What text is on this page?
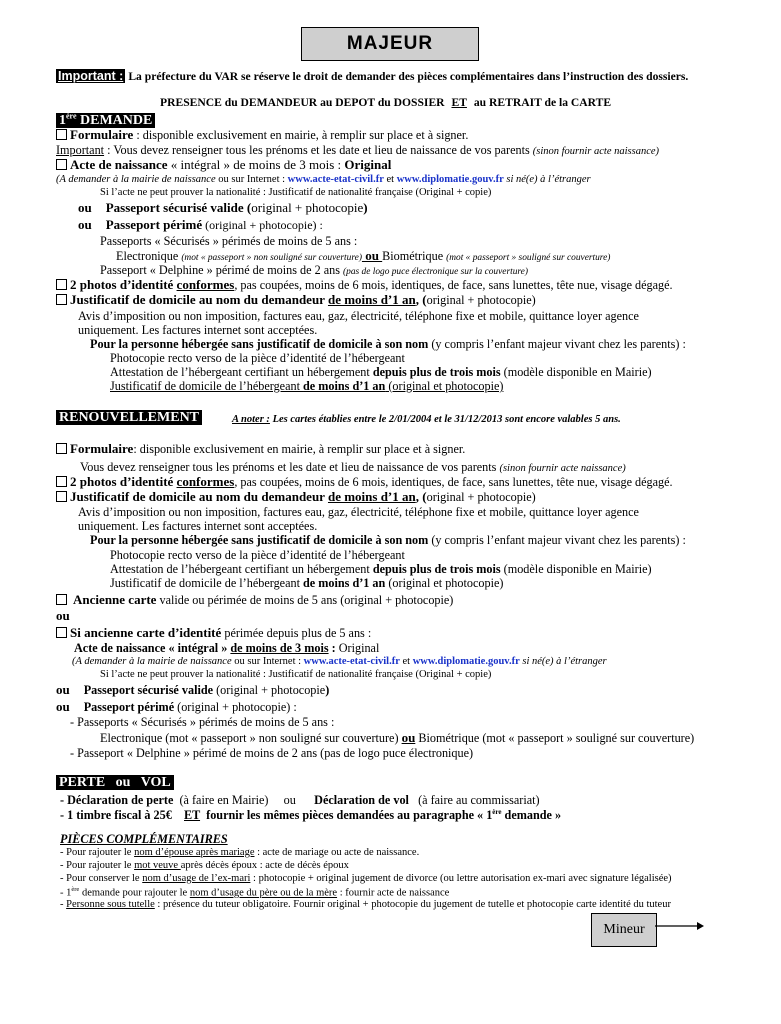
MAJEUR
Important : La préfecture du VAR se réserve le droit de demander des pièces complémentaires dans l’instruction des dossiers.
PRESENCE du DEMANDEUR au DEPOT du DOSSIER ET au RETRAIT de la CARTE
1ère DEMANDE
Formulaire : disponible exclusivement en mairie, à remplir sur place et à signer.
Important : Vous devez renseigner tous les prénoms et les date et lieu de naissance de vos parents (sinon fournir acte naissance)
Acte de naissance « intégral » de moins de 3 mois : Original
(A demander à la mairie de naissance ou sur Internet : www.acte-etat-civil.fr et www.diplomatie.gouv.fr si né(e) à l’étranger
Si l’acte ne peut prouver la nationalité : Justificatif de nationalité française (Original + copie)
ou Passeport sécurisé valide (original + photocopie)
ou Passeport périmé (original + photocopie) :
Passeports « Sécurisés » périmés de moins de 5 ans :
Electronique (mot « passeport » non souligné sur couverture) ou Biométrique (mot « passeport » souligné sur couverture)
Passeport « Delphine » périmé de moins de 2 ans (pas de logo puce électronique sur la couverture)
2 photos d’identité conformes, pas coupées, moins de 6 mois, identiques, de face, sans lunettes, tête nue, visage dégagé.
Justificatif de domicile au nom du demandeur de moins d’1 an, (original + photocopie)
Avis d’imposition ou non imposition, factures eau, gaz, électricité, téléphone fixe et mobile, quittance loyer agence
uniquement. Les factures internet sont acceptées.
Pour la personne hébergée sans justificatif de domicile à son nom (y compris l’enfant majeur vivant chez les parents) :
Photocopie recto verso de la pièce d’identité de l’hébergeant
Attestation de l’hébergeant certifiant un hébergement depuis plus de trois mois (modèle disponible en Mairie)
Justificatif de domicile de l’hébergeant de moins d’1 an (original et photocopie)
RENOUVELLEMENT	A noter : Les cartes établies entre le 2/01/2004 et le 31/12/2013 sont encore valables 5 ans.
Formulaire: disponible exclusivement en mairie, à remplir sur place et à signer.
Vous devez renseigner tous les prénoms et les date et lieu de naissance de vos parents (sinon fournir acte naissance)
2 photos d’identité conformes, pas coupées, moins de 6 mois, identiques, de face, sans lunettes, tête nue, visage dégagé.
Justificatif de domicile au nom du demandeur de moins d’1 an, (original + photocopie)
Avis d’imposition ou non imposition, factures eau, gaz, électricité, téléphone fixe et mobile, quittance loyer agence
uniquement. Les factures internet sont acceptées.
Pour la personne hébergée sans justificatif de domicile à son nom (y compris l’enfant majeur vivant chez les parents) :
Photocopie recto verso de la pièce d’identité de l’hébergeant
Attestation de l’hébergeant certifiant un hébergement depuis plus de trois mois (modèle disponible en Mairie)
Justificatif de domicile de l’hébergeant de moins d’1 an (original et photocopie)
Ancienne carte valide ou périmée de moins de 5 ans (original + photocopie)
ou
Si ancienne carte d’identité périmée depuis plus de 5 ans :
Acte de naissance « intégral » de moins de 3 mois : Original
(A demander à la mairie de naissance ou sur Internet : www.acte-etat-civil.fr et www.diplomatie.gouv.fr si né(e) à l’étranger
Si l’acte ne peut prouver la nationalité : Justificatif de nationalité française (Original + copie)
ou Passeport sécurisé valide (original + photocopie)
ou Passeport périmé (original + photocopie) :
- Passeports « Sécurisés » périmés de moins de 5 ans :
Electronique (mot « passeport » non souligné sur couverture) ou Biométrique (mot « passeport » souligné sur couverture)
- Passeport « Delphine » périmé de moins de 2 ans (pas de logo puce électronique)
PERTE   ou   VOL
- Déclaration de perte  (à faire en Mairie)     ou      Déclaration de vol   (à faire au commissariat)
- 1 timbre fiscal à 25€    ET  fournir les mêmes pièces demandées au paragraphe « 1ère demande »
PIÈCES COMPLÉMENTAIRES
- Pour rajouter le nom d’épouse après mariage : acte de mariage ou acte de naissance.
- Pour rajouter le mot veuve après décès époux : acte de décès époux
- Pour conserver le nom d’usage de l’ex-mari : photocopie + original jugement de divorce (ou lettre autorisation ex-mari avec signature légalisée)
- 1ère demande pour rajouter le nom d’usage du père ou de la mère : fournir acte de naissance
- Personne sous tutelle : présence du tuteur obligatoire. Fournir original + photocopie du jugement de tutelle et photocopie carte identité du tuteur
Mineur
